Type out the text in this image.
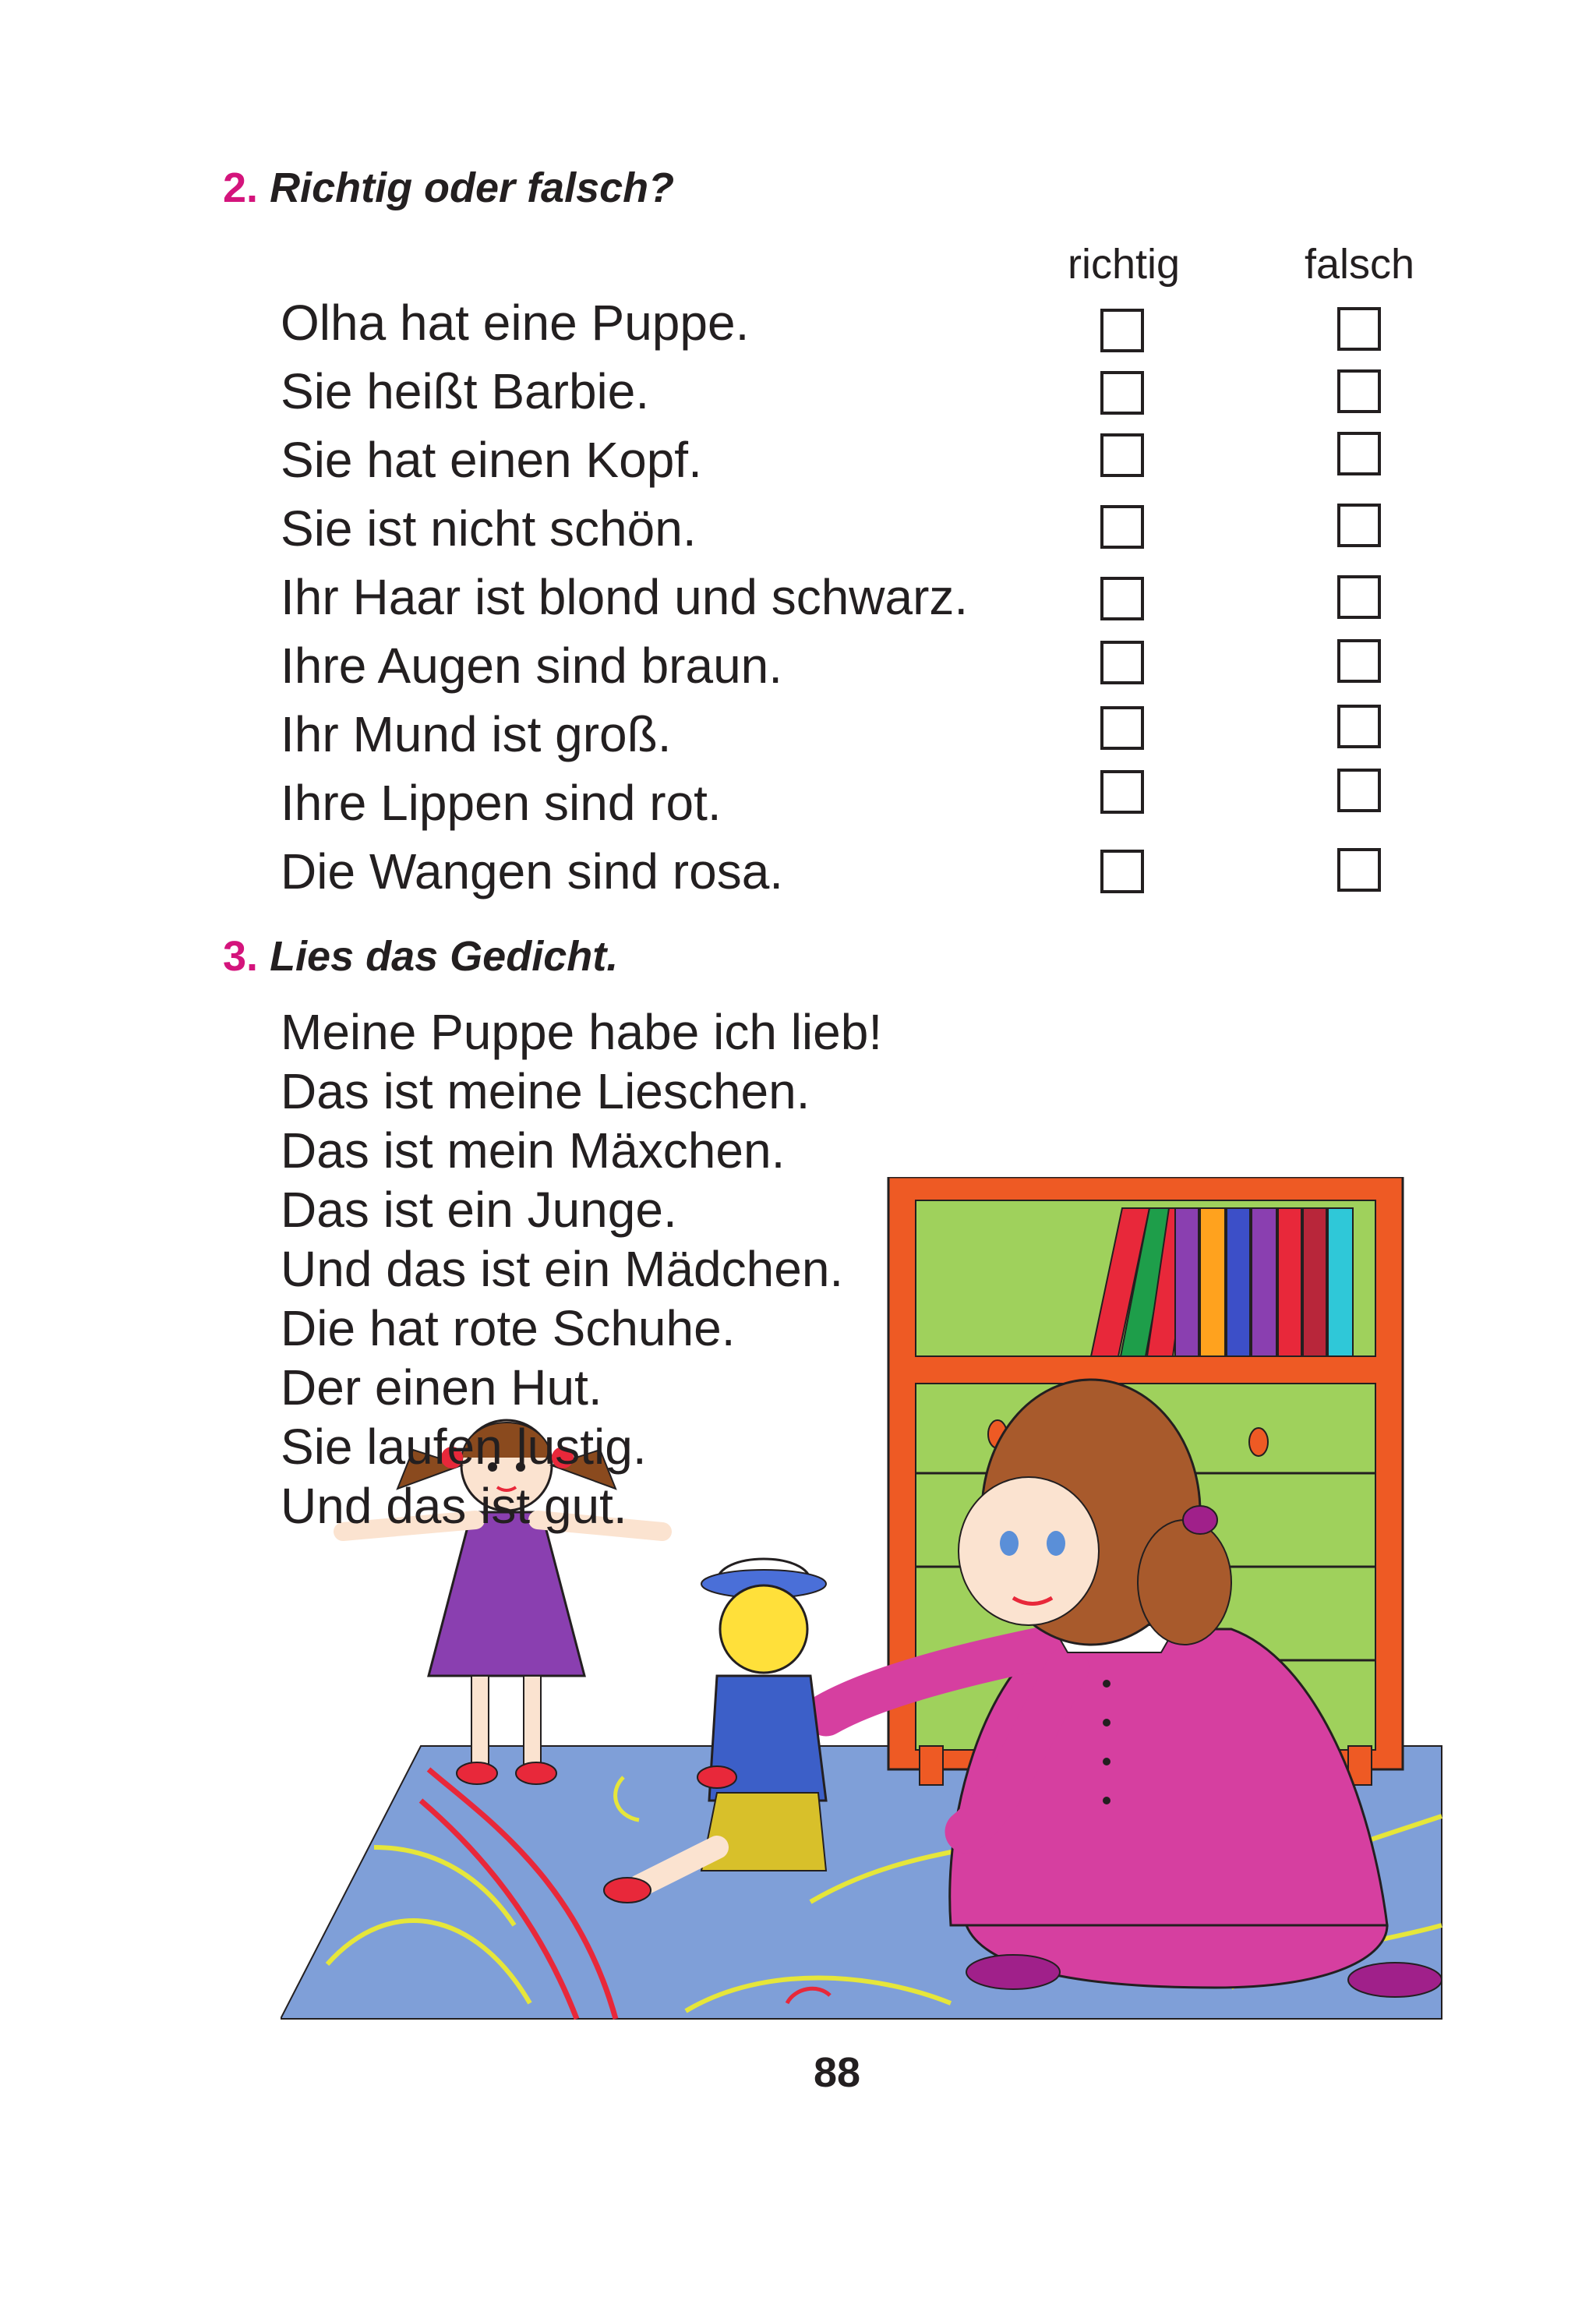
2. Richtig oder falsch?
richtig	falsch
Olha hat eine Puppe.
Sie heißt Barbie.
Sie hat einen Kopf.
Sie ist nicht schön.
Ihr Haar ist blond und schwarz.
Ihre Augen sind braun.
Ihr Mund ist groß.
Ihre Lippen sind rot.
Die Wangen sind rosa.
3. Lies das Gedicht.
Meine Puppe habe ich lieb!
Das ist meine Lieschen.
Das ist mein Mäxchen.
Das ist ein Junge.
Und das ist ein Mädchen.
Die hat rote Schuhe.
Der einen Hut.
Sie laufen lustig.
Und das ist gut.
88
